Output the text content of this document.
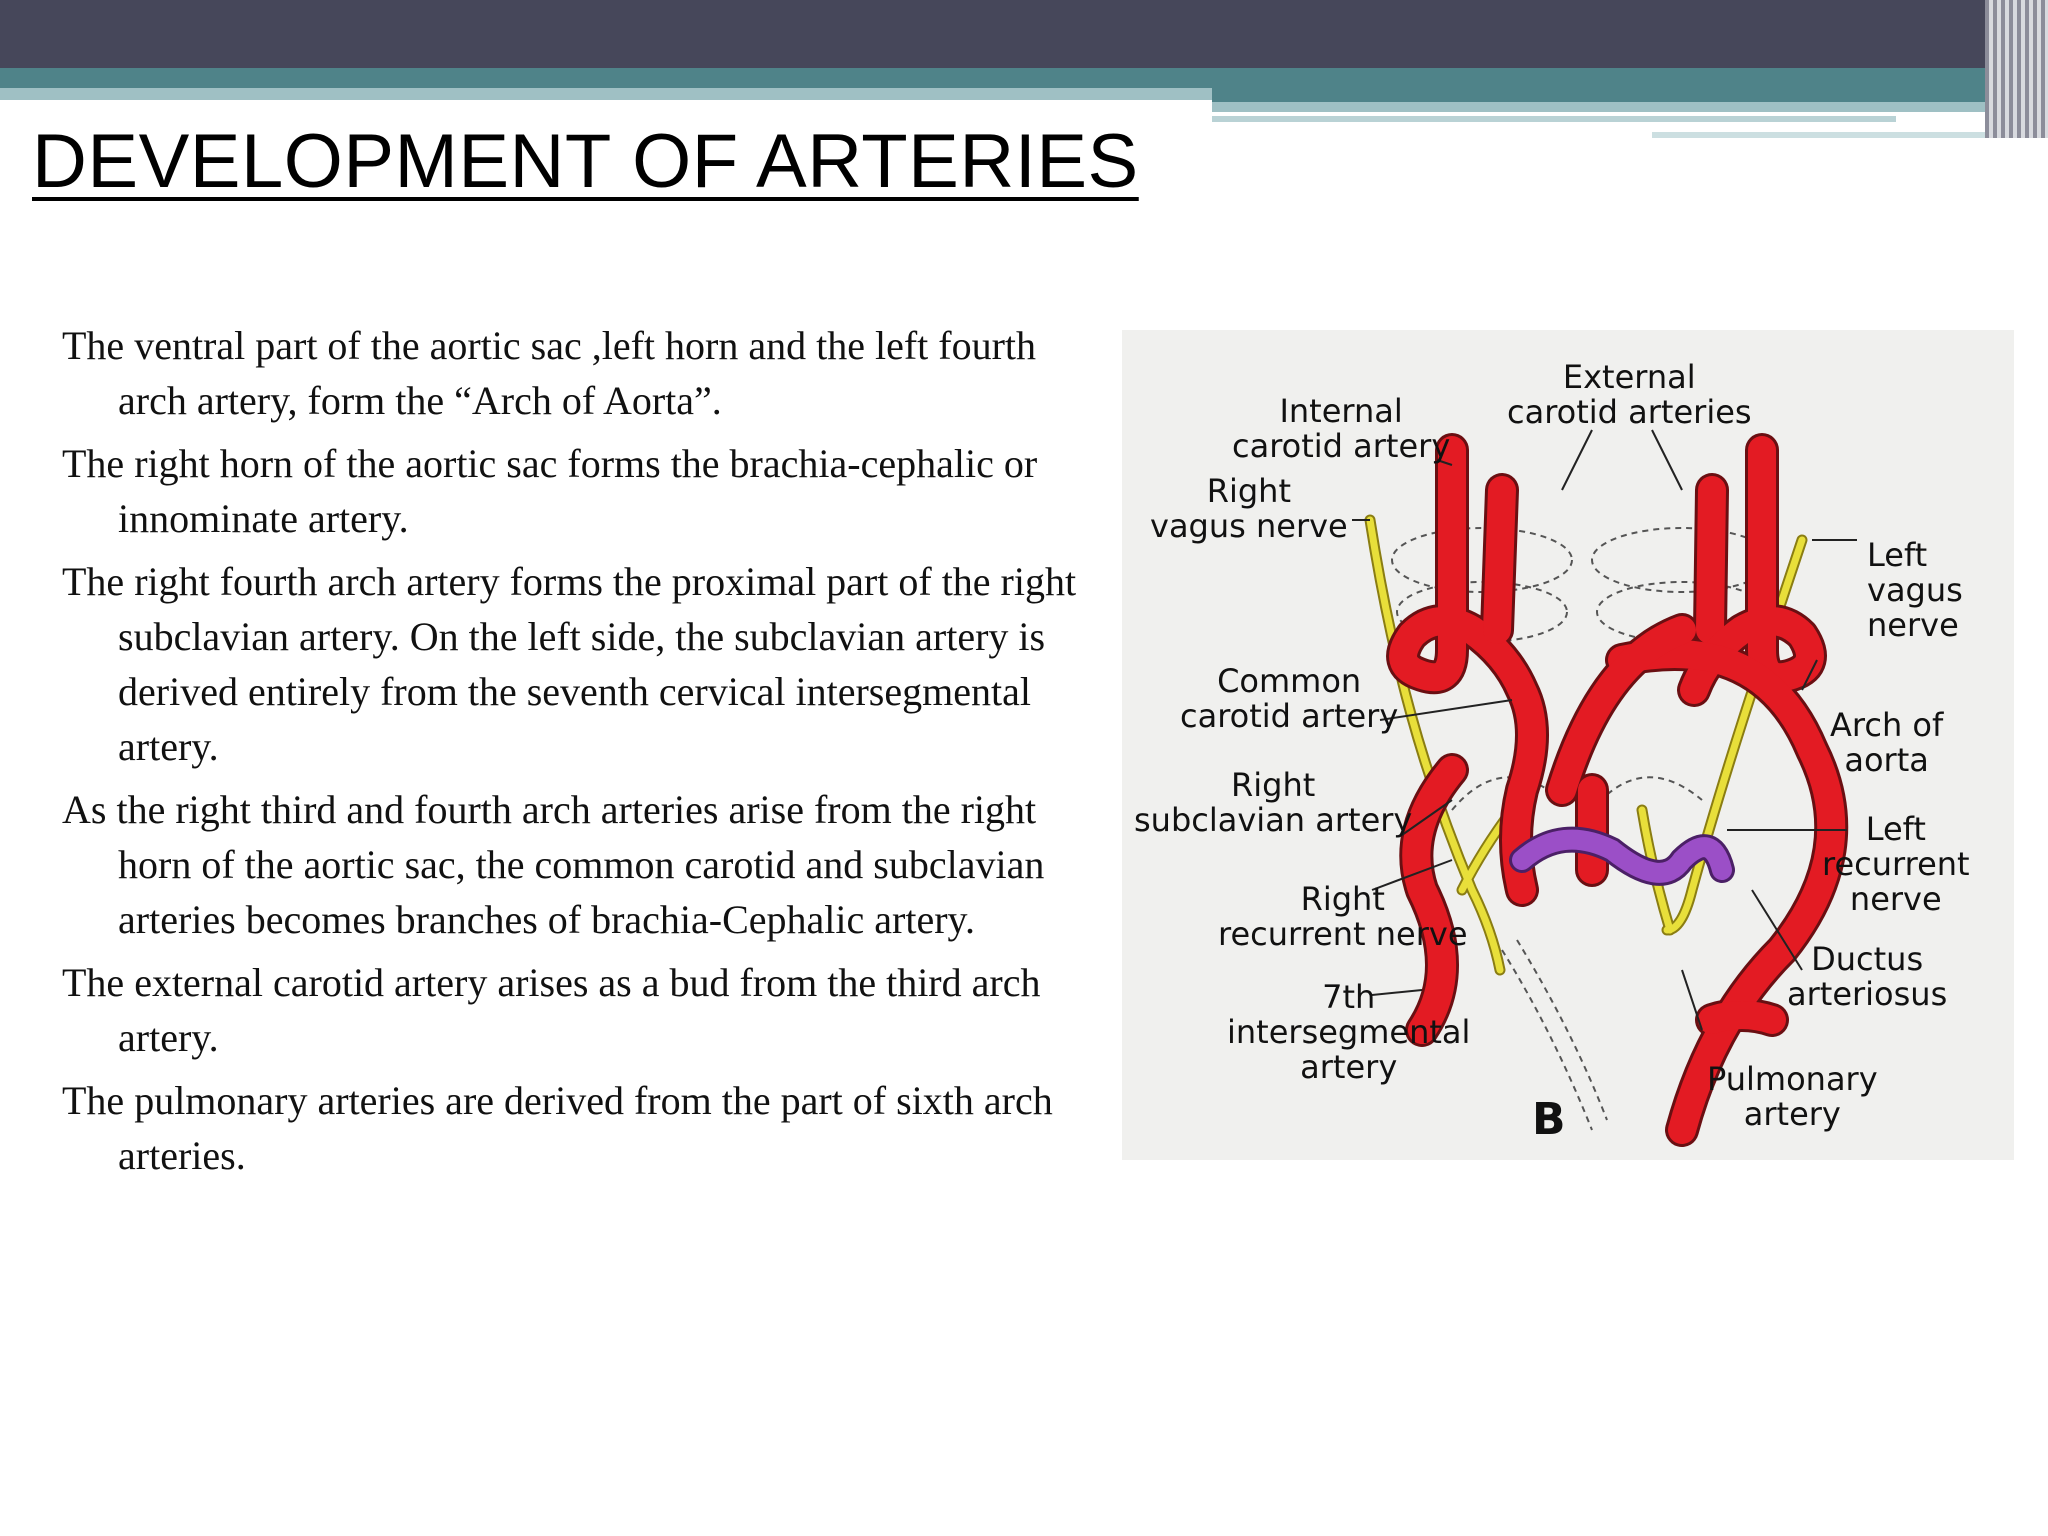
DEVELOPMENT OF ARTERIES
The ventral part of the aortic sac ,left horn and the left fourth arch artery, form the “Arch of Aorta”.
The right horn of the aortic sac forms the brachia-cephalic or innominate artery.
The right fourth arch artery forms the proximal part of the right subclavian artery. On the left side, the subclavian artery is derived entirely from the seventh cervical intersegmental artery.
As the right third and fourth arch arteries arise from the right horn of the aortic sac, the common carotid and subclavian arteries becomes branches of brachia-Cephalic artery.
The external carotid artery arises as a bud from the third arch artery.
The pulmonary arteries are derived from the part of sixth arch arteries.
External
carotid arteries
Internal
carotid artery
Right
vagus nerve
Left
vagus
nerve
Common
carotid artery	Arch of
aorta
Right
subclavian artery	Left
recurrent
nerve
Right
recurrent nerve
Ductus
arteriosus
7th
intersegmental
artery	Pulmonary
artery
B
